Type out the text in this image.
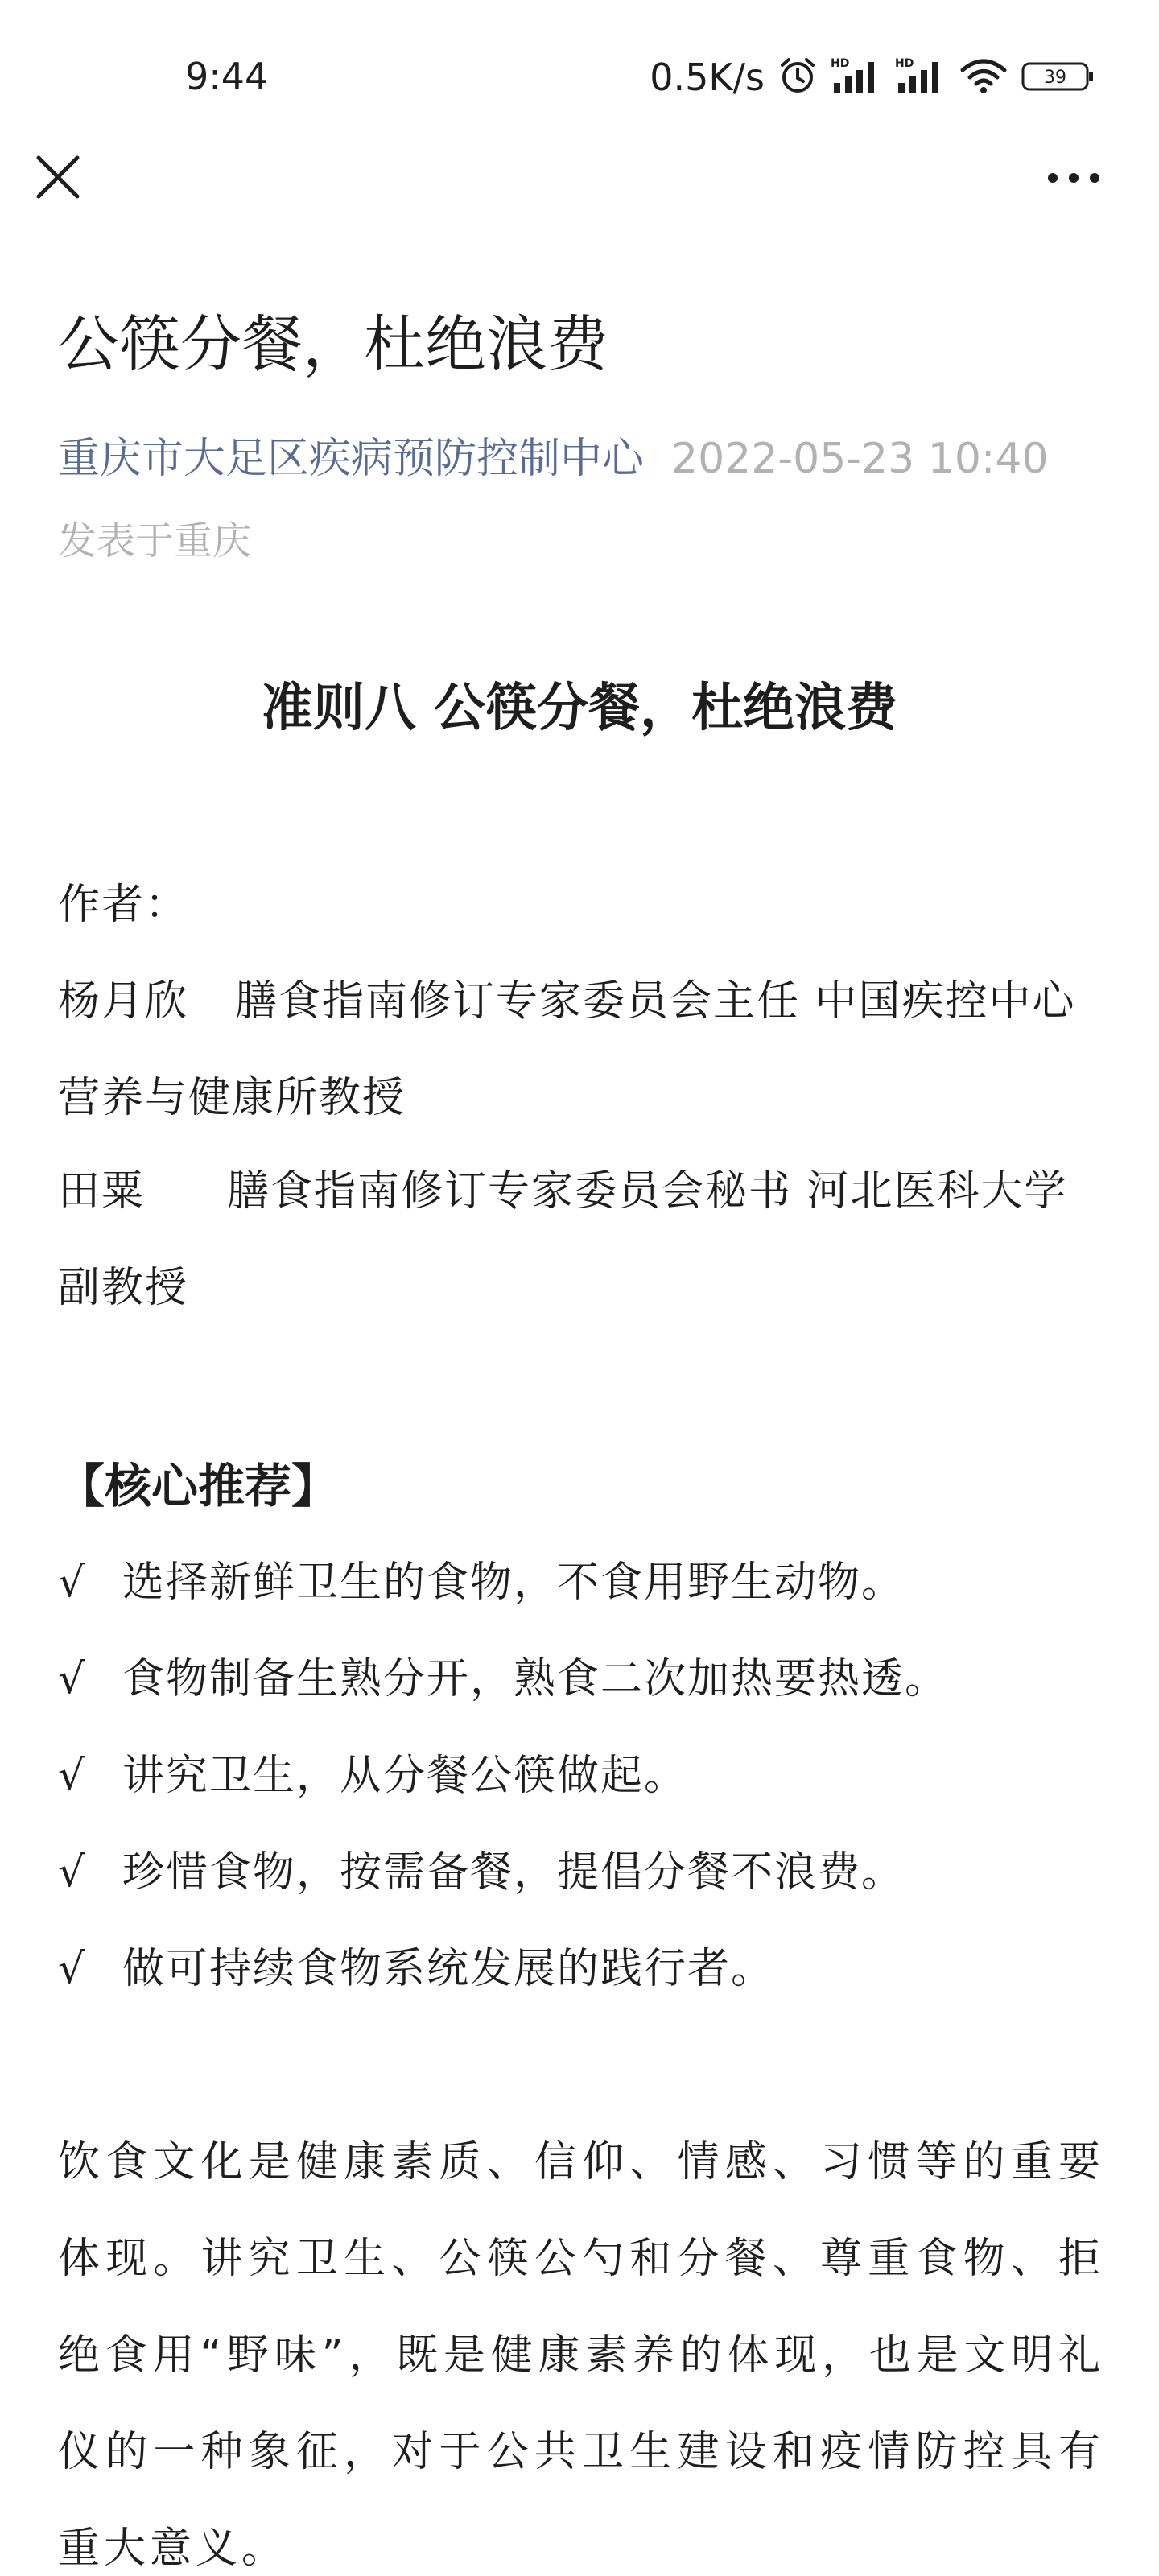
9:44	0.5K/s	HD	HD
39
公筷分餐，杜绝浪费
重庆市大足区疾病预防控制中心 2022-05-23 10:40
发表于重庆
准则八 公筷分餐，杜绝浪费
作者：
杨月欣 膳食指南修订专家委员会主任 中国疾控中心营养与健康所教授
田粟 膳食指南修订专家委员会秘书 河北医科大学副教授
【核心推荐】
√ 选择新鲜卫生的食物，不食用野生动物。
√ 食物制备生熟分开，熟食二次加热要热透。
√ 讲究卫生，从分餐公筷做起。
√ 珍惜食物，按需备餐，提倡分餐不浪费。
√ 做可持续食物系统发展的践行者。

饮食文化是健康素质、信仰、情感、习惯等的重要体现。讲究卫生、公筷公勺和分餐、尊重食物、拒绝食用“野味”，既是健康素养的体现，也是文明礼仪的一种象征，对于公共卫生建设和疫情防控具有重大意义。
